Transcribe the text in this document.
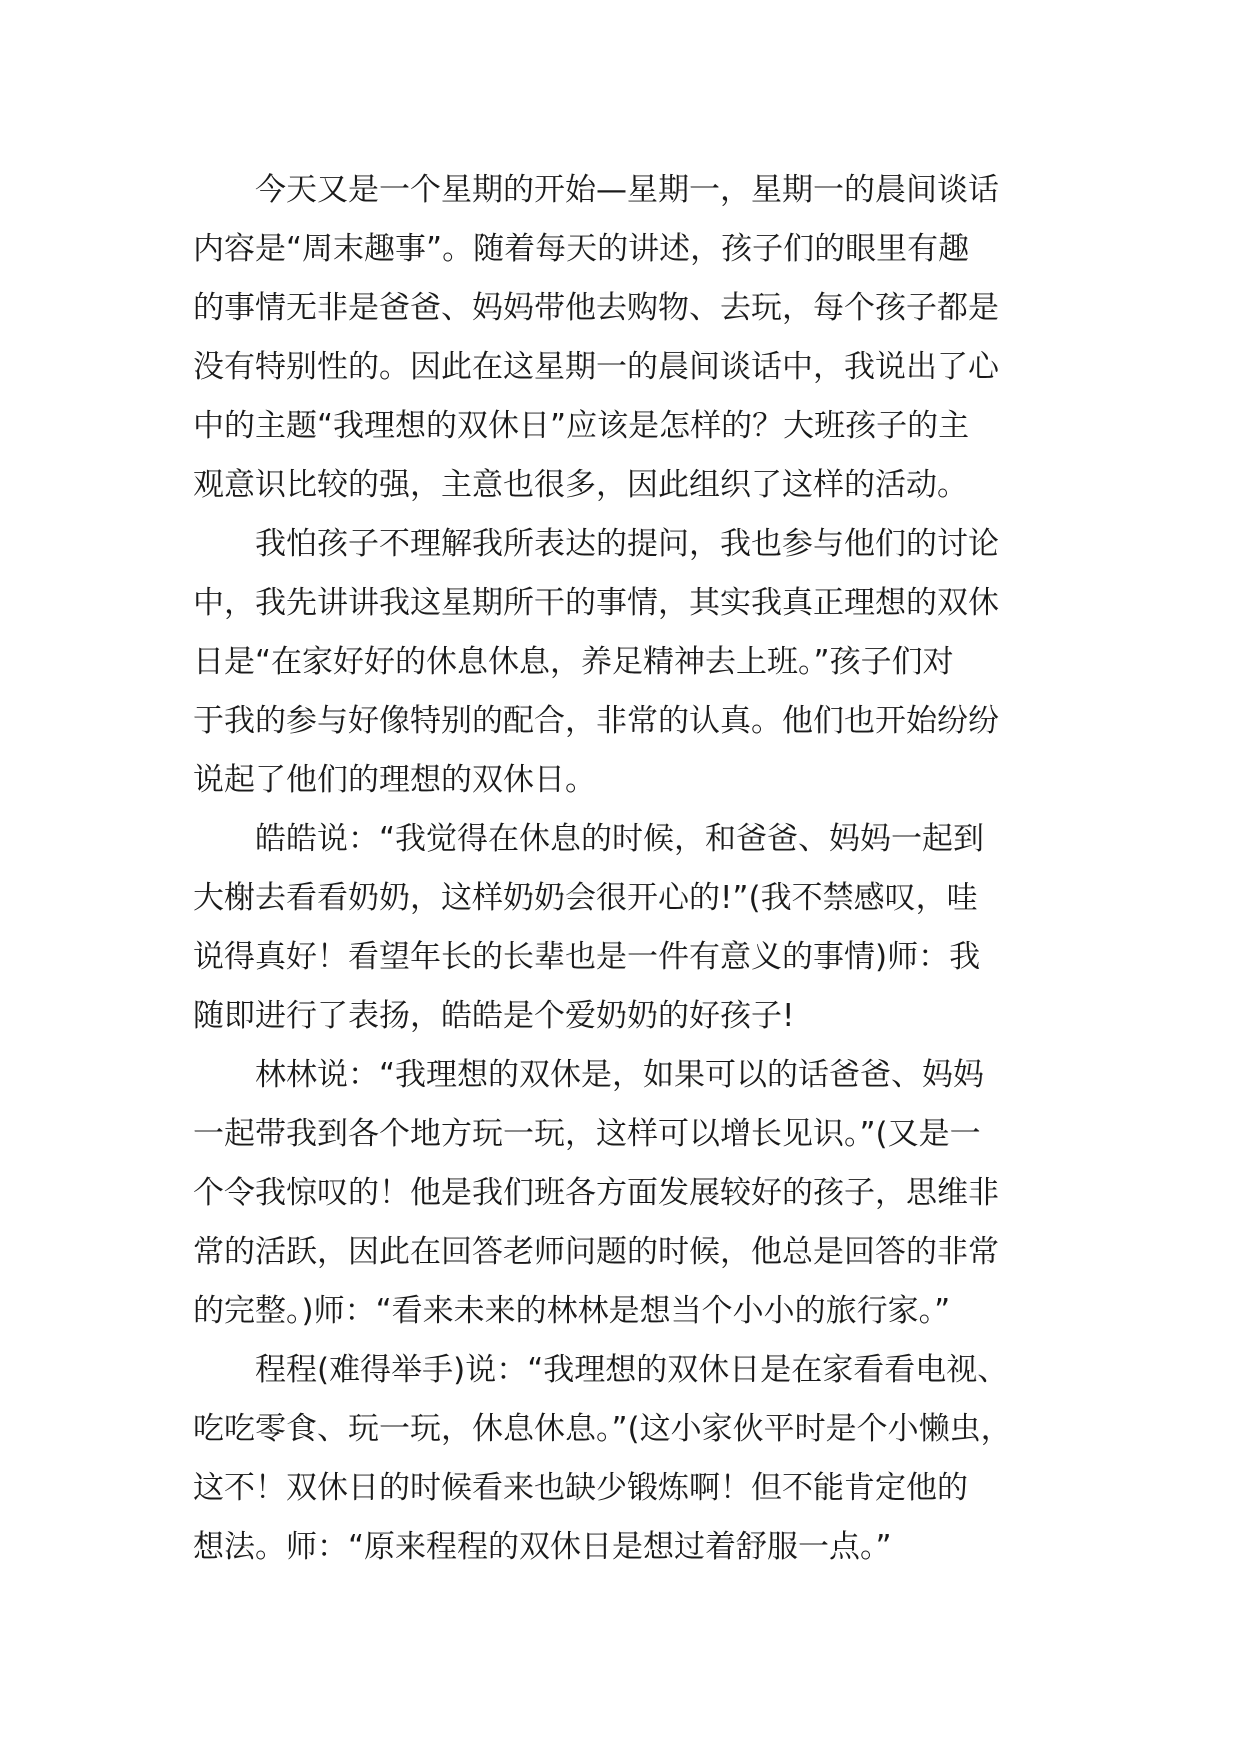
今天又是一个星期的开始—星期一，星期一的晨间谈话
内容是“周末趣事”。随着每天的讲述，孩子们的眼里有趣
的事情无非是爸爸、妈妈带他去购物、去玩，每个孩子都是
没有特别性的。因此在这星期一的晨间谈话中，我说出了心
中的主题“我理想的双休日”应该是怎样的？大班孩子的主
观意识比较的强，主意也很多，因此组织了这样的活动。
我怕孩子不理解我所表达的提问，我也参与他们的讨论
中，我先讲讲我这星期所干的事情，其实我真正理想的双休
日是“在家好好的休息休息，养足精神去上班。”孩子们对
于我的参与好像特别的配合，非常的认真。他们也开始纷纷
说起了他们的理想的双休日。
皓皓说：“我觉得在休息的时候，和爸爸、妈妈一起到
大榭去看看奶奶，这样奶奶会很开心的!”(我不禁感叹，哇
说得真好！看望年长的长辈也是一件有意义的事情)师：我
随即进行了表扬，皓皓是个爱奶奶的好孩子!
林林说：“我理想的双休是，如果可以的话爸爸、妈妈
一起带我到各个地方玩一玩，这样可以增长见识。”(又是一
个令我惊叹的！他是我们班各方面发展较好的孩子，思维非
常的活跃，因此在回答老师问题的时候，他总是回答的非常
的完整。)师：“看来未来的林林是想当个小小的旅行家。”
程程(难得举手)说：“我理想的双休日是在家看看电视、
吃吃零食、玩一玩，休息休息。”(这小家伙平时是个小懒虫，
这不！双休日的时候看来也缺少锻炼啊！但不能肯定他的
想法。师：“原来程程的双休日是想过着舒服一点。”
